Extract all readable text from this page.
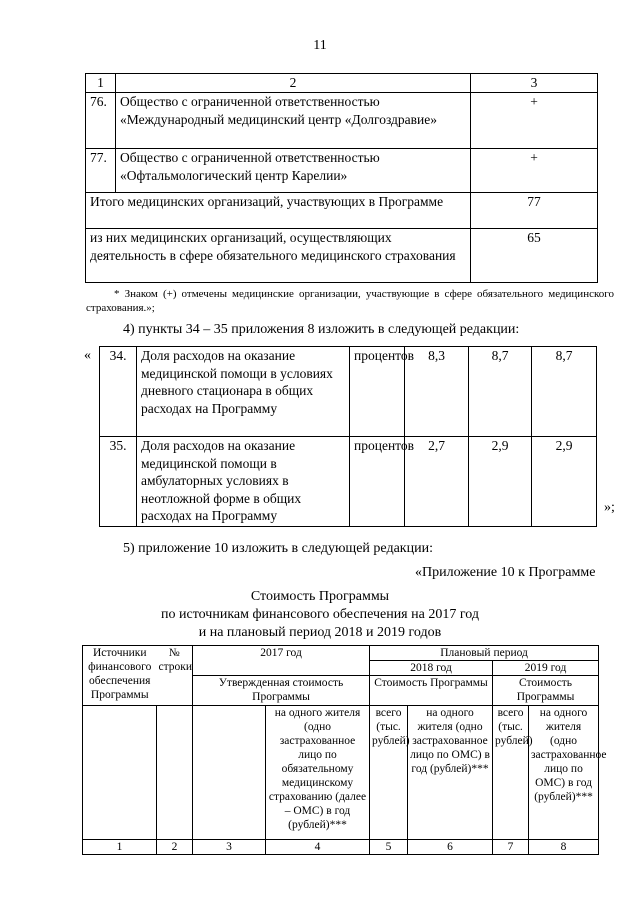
11
1	2	3
76.	Общество с ограниченной ответственностью «Международный медицинский центр «Долгоздравие»	+
77.	Общество с ограниченной ответственностью «Офтальмологический центр Карелии»	+
Итого медицинских организаций, участвующих в Программе		77
из них медицинских организаций, осуществляющих деятельность в сфере обязательного медицинского страхования		65
* Знаком (+) отмечены медицинские организации, участвующие в сфере обязательного медицинского страхования.»;
4) пункты 34 – 35 приложения 8 изложить в следующей редакции:
« 34.	Доля расходов на оказание медицинской помощи в условиях дневного стационара в общих расходах на Программу	процентов	8,3	8,7	8,7
35.	Доля расходов на оказание медицинской помощи в амбулаторных условиях в неотложной форме в общих расходах на Программу	процентов	2,7	2,9	2,9
»;
5) приложение 10 изложить в следующей редакции:
«Приложение 10 к Программе
Стоимость Программы
по источникам финансового обеспечения на 2017 год
и на плановый период 2018 и 2019 годов
Источники финансового обеспечения Программы	№ строки	2017 год		Плановый период			
				2018 год		2019 год	
		Утвержденная стоимость Программы		Стоимость Программы		Стоимость Программы	
			на одного жителя (одно застрахованное лицо по обязательному медицинскому страхованию (далее – ОМС) в год (рублей)***	всего (тыс. рублей)	на одного жителя (одно застрахованное лицо по ОМС) в год (рублей)***	всего (тыс. рублей)	на одного жителя (одно застрахованное лицо по ОМС) в год (рублей)***
1	2	3	4	5	6	7	8
